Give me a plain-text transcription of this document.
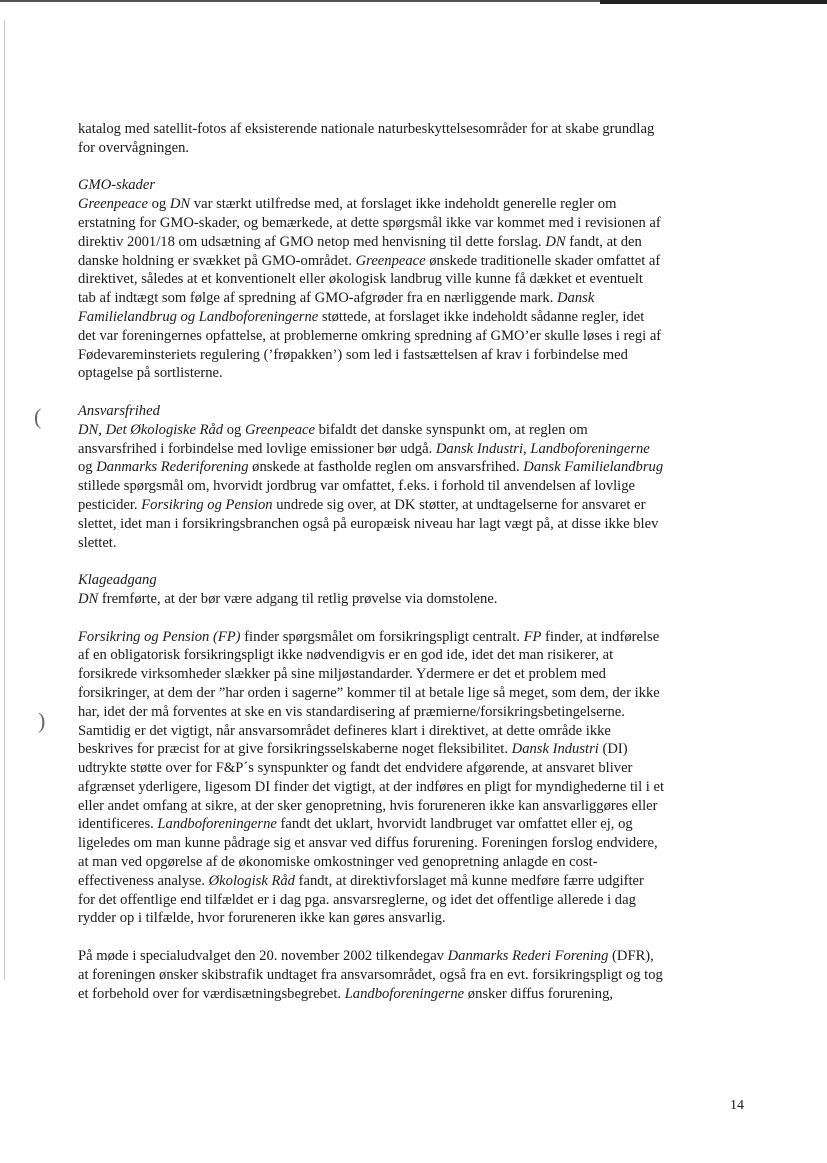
(
)
katalog med satellit-fotos af eksisterende nationale naturbeskyttelsesområder for at skabe grundlag
for overvågningen.
GMO-skader
Greenpeace og DN var stærkt utilfredse med, at forslaget ikke indeholdt generelle regler om
erstatning for GMO-skader, og bemærkede, at dette spørgsmål ikke var kommet med i revisionen af
direktiv 2001/18 om udsætning af GMO netop med henvisning til dette forslag. DN fandt, at den
danske holdning er svækket på GMO-området. Greenpeace ønskede traditionelle skader omfattet af
direktivet, således at et konventionelt eller økologisk landbrug ville kunne få dækket et eventuelt
tab af indtægt som følge af spredning af GMO-afgrøder fra en nærliggende mark. Dansk
Familielandbrug og Landboforeningerne støttede, at forslaget ikke indeholdt sådanne regler, idet
det var foreningernes opfattelse, at problemerne omkring spredning af GMO’er skulle løses i regi af
Fødevareminsteriets regulering (’frøpakken’) som led i fastsættelsen af krav i forbindelse med
optagelse på sortlisterne.
Ansvarsfrihed
DN, Det Økologiske Råd og Greenpeace bifaldt det danske synspunkt om, at reglen om
ansvarsfrihed i forbindelse med lovlige emissioner bør udgå. Dansk Industri, Landboforeningerne
og Danmarks Rederiforening ønskede at fastholde reglen om ansvarsfrihed. Dansk Familielandbrug
stillede spørgsmål om, hvorvidt jordbrug var omfattet, f.eks. i forhold til anvendelsen af lovlige
pesticider. Forsikring og Pension undrede sig over, at DK støtter, at undtagelserne for ansvaret er
slettet, idet man i forsikringsbranchen også på europæisk niveau har lagt vægt på, at disse ikke blev
slettet.
Klageadgang
DN fremførte, at der bør være adgang til retlig prøvelse via domstolene.
Forsikring og Pension (FP) finder spørgsmålet om forsikringspligt centralt. FP finder, at indførelse
af en obligatorisk forsikringspligt ikke nødvendigvis er en god ide, idet det man risikerer, at
forsikrede virksomheder slækker på sine miljøstandarder. Ydermere er det et problem med
forsikringer, at dem der ”har orden i sagerne” kommer til at betale lige så meget, som dem, der ikke
har, idet der må forventes at ske en vis standardisering af præmierne/forsikringsbetingelserne.
Samtidig er det vigtigt, når ansvarsområdet defineres klart i direktivet, at dette område ikke
beskrives for præcist for at give forsikringsselskaberne noget fleksibilitet. Dansk Industri (DI)
udtrykte støtte over for F&P´s synspunkter og fandt det endvidere afgørende, at ansvaret bliver
afgrænset yderligere, ligesom DI finder det vigtigt, at der indføres en pligt for myndighederne til i et
eller andet omfang at sikre, at der sker genopretning, hvis forureneren ikke kan ansvarliggøres eller
identificeres. Landboforeningerne fandt det uklart, hvorvidt landbruget var omfattet eller ej, og
ligeledes om man kunne pådrage sig et ansvar ved diffus forurening. Foreningen forslog endvidere,
at man ved opgørelse af de økonomiske omkostninger ved genopretning anlagde en cost-
effectiveness analyse. Økologisk Råd fandt, at direktivforslaget må kunne medføre færre udgifter
for det offentlige end tilfældet er i dag pga. ansvarsreglerne, og idet det offentlige allerede i dag
rydder op i tilfælde, hvor forureneren ikke kan gøres ansvarlig.
På møde i specialudvalget den 20. november 2002 tilkendegav Danmarks Rederi Forening (DFR),
at foreningen ønsker skibstrafik undtaget fra ansvarsområdet, også fra en evt. forsikringspligt og tog
et forbehold over for værdisætningsbegrebet. Landboforeningerne ønsker diffus forurening,
14
